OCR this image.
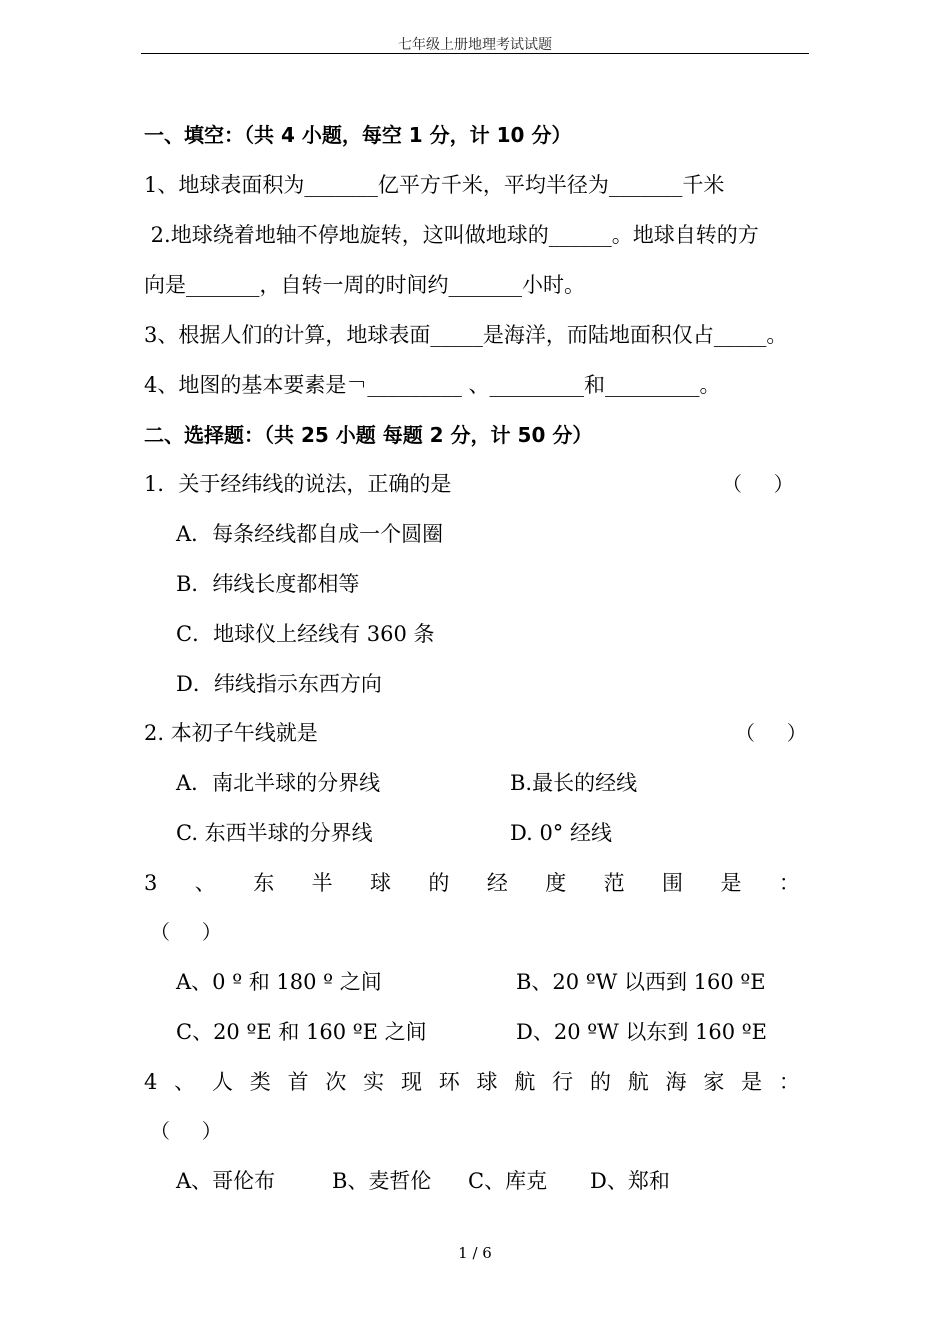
七年级上册地理考试试题
一、填空：（共 4 小题，每空 1 分，计 10 分）
1、地球表面积为_______亿平方千米，平均半径为_______千米
2.地球绕着地轴不停地旋转，这叫做地球的______。地球自转的方
向是_______，自转一周的时间约_______小时。
3、根据人们的计算，地球表面_____是海洋，而陆地面积仅占_____。
4、地图的基本要素是￢_________ 、_________和_________。
二、选择题：（共 25 小题 每题 2 分，计 50 分）
1．关于经纬线的说法，正确的是	（     ）
A．每条经线都自成一个圆圈
B．纬线长度都相等
C．地球仪上经线有 360 条
D．纬线指示东西方向
2. 本初子午线就是	（     ）
A．南北半球的分界线	B.最长的经线
C. 东西半球的分界线	D. 0° 经线
3 、 东 半 球 的 经 度 范 围 是 ：
（     ）
A、0 º 和 180 º 之间	B、20 ºW 以西到 160 ºE
C、20 ºE 和 160 ºE 之间	D、20 ºW 以东到 160 ºE
4 、 人 类 首 次 实 现 环 球 航 行 的 航 海 家 是 ：
（     ）
A、哥伦布	B、麦哲伦 C、库克 D、郑和
1 / 6
